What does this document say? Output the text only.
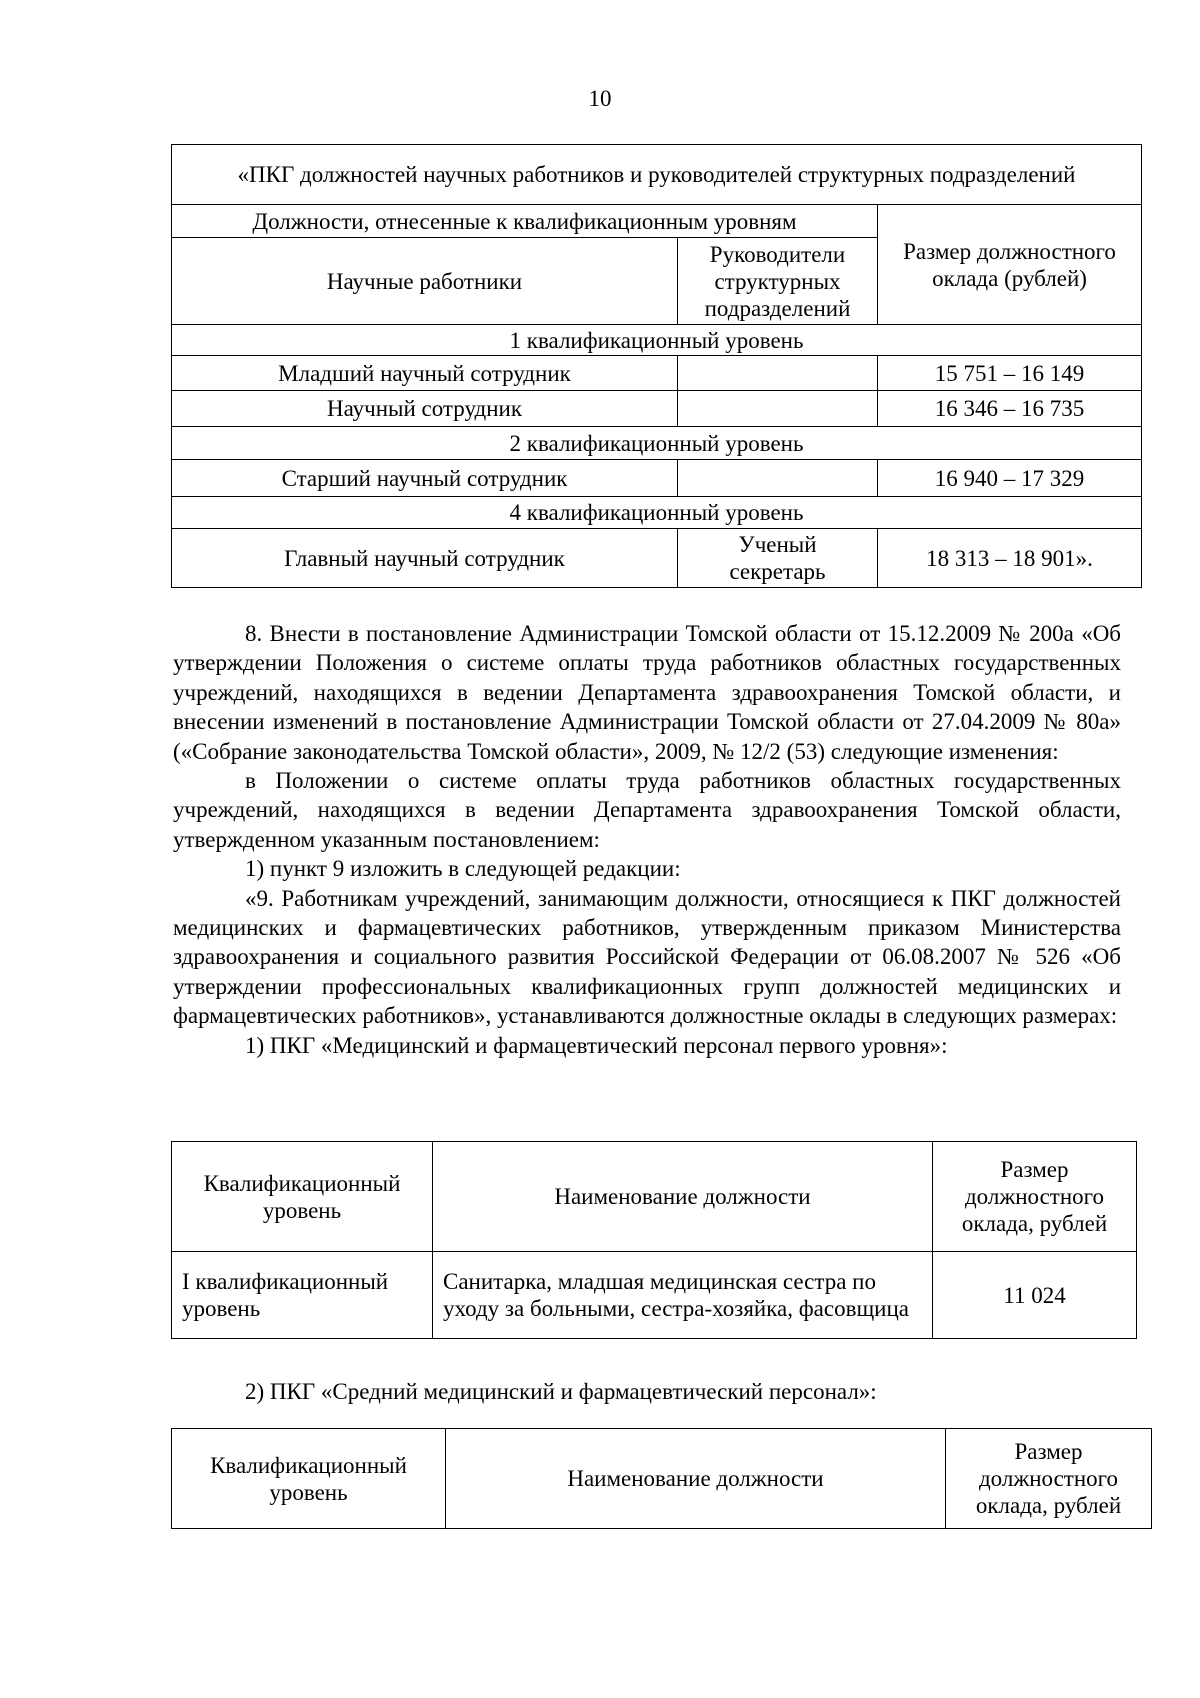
10
«ПКГ должностей научных работников и руководителей структурных подразделений		
Должности, отнесенные к квалификационным уровням		Размер должностного оклада (рублей)
Научные работники	Руководители структурных подразделений	
1 квалификационный уровень		
Младший научный сотрудник		15 751 – 16 149
Научный сотрудник		16 346 – 16 735
2 квалификационный уровень		
Старший научный сотрудник		16 940 – 17 329
4 квалификационный уровень		
Главный научный сотрудник	Ученый секретарь	18 313 – 18 901».

8. Внести в постановление Администрации Томской области от 15.12.2009 № 200а «Об утверждении Положения о системе оплаты труда работников областных государственных учреждений, находящихся в ведении Департамента здравоохранения Томской области, и внесении изменений в постановление Администрации Томской области от 27.04.2009 № 80а» («Собрание законодательства Томской области», 2009, № 12/2 (53) следующие изменения:

в Положении о системе оплаты труда работников областных государственных учреждений, находящихся в ведении Департамента здравоохранения Томской области, утвержденном указанным постановлением:

1) пункт 9 изложить в следующей редакции:

«9. Работникам учреждений, занимающим должности, относящиеся к ПКГ должностей медицинских и фармацевтических работников, утвержденным приказом Министерства здравоохранения и социального развития Российской Федерации от 06.08.2007 № 526 «Об утверждении профессиональных квалификационных групп должностей медицинских и фармацевтических работников», устанавливаются должностные оклады в следующих размерах:

1) ПКГ «Медицинский и фармацевтический персонал первого уровня»:

Квалификационный уровень	Наименование должности	Размер должностного оклада, рублей
I квалификационный уровень	Санитарка, младшая медицинская сестра по уходу за больными, сестра-хозяйка, фасовщица	11 024

2) ПКГ «Средний медицинский и фармацевтический персонал»:

Квалификационный уровень	Наименование должности	Размер должностного оклада, рублей
